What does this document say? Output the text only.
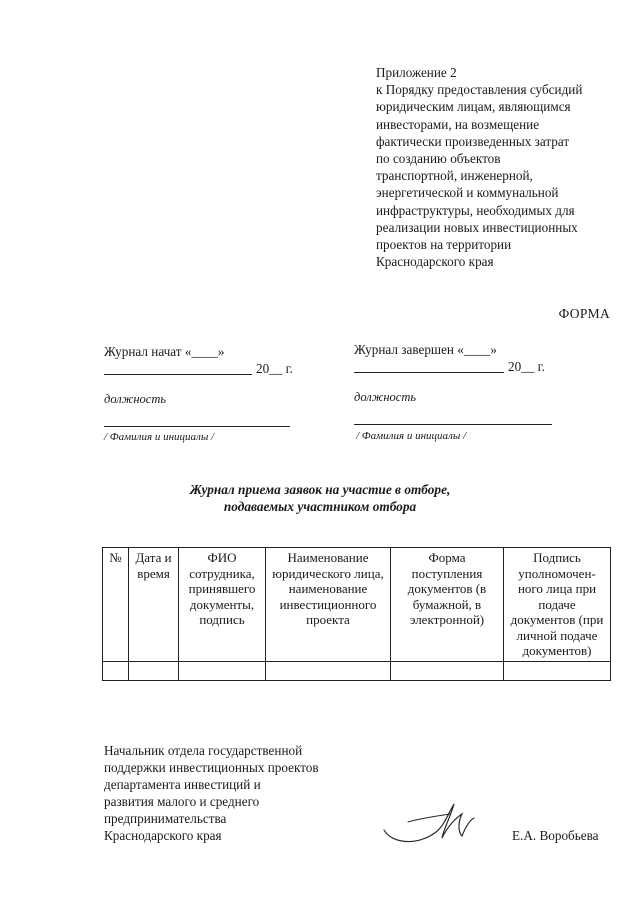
Приложение 2
к Порядку предоставления субсидий
юридическим лицам, являющимся
инвесторами, на возмещение
фактически произведенных затрат
по созданию объектов
транспортной, инженерной,
энергетической и коммунальной
инфраструктуры, необходимых для
реализации новых инвестиционных
проектов на территории
Краснодарского края
ФОРМА
Журнал начат «____»
20__ г.
должность
/ Фамилия и инициалы /
Журнал завершен «____»
20__ г.
должность
/ Фамилия и инициалы /
Журнал приема заявок на участие в отборе,
подаваемых участником отбора
№	Дата и время	ФИО сотрудника, принявшего документы, подпись	Наименование юридического лица, наименование инвестиционного проекта	Форма поступления документов (в бумажной, в электронной)	Подпись уполномочен-ного лица при подаче документов (при личной подаче документов)

Начальник отдела государственной
поддержки инвестиционных проектов
департамента инвестиций и
развития малого и среднего
предпринимательства
Краснодарского края	Е.А. Воробьева
